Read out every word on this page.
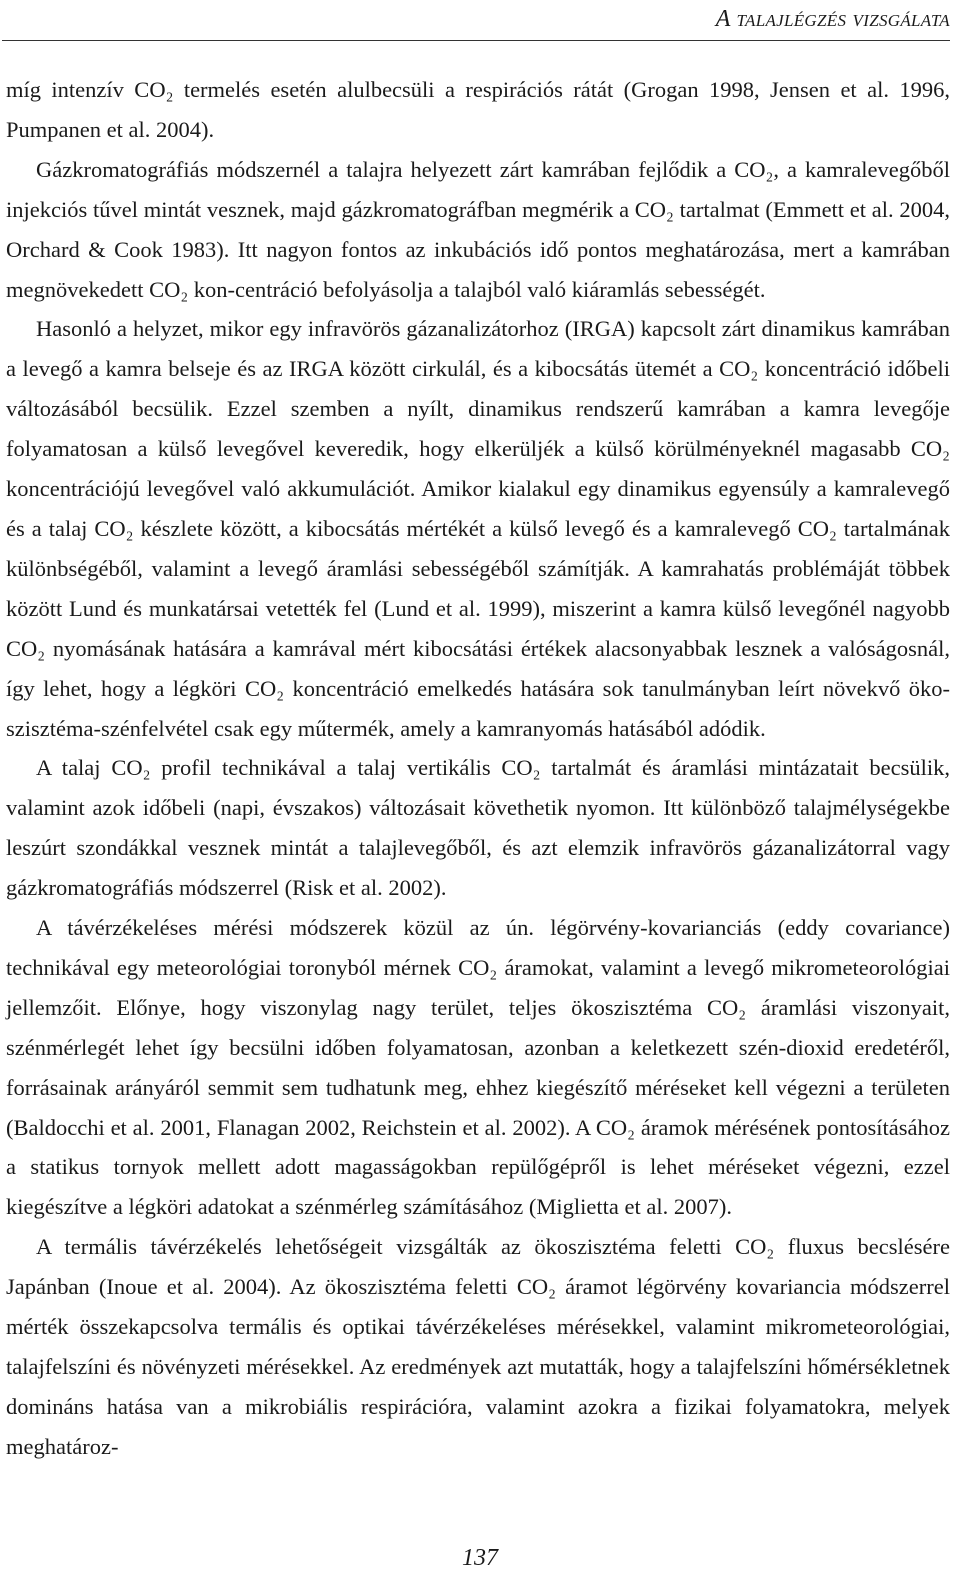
A talajlégzés vizsgálata

míg intenzív CO₂ termelés esetén alulbecsüli a respirációs rátát (Grogan 1998, Jensen et al. 1996, Pumpanen et al. 2004).

Gázkromatográfiás módszernél a talajra helyezett zárt kamrában fejlődik a CO₂, a kamralevegőből injekciós tűvel mintát vesznek, majd gázkromatográfban megmérik a CO₂ tartalmat (Emmett et al. 2004, Orchard & Cook 1983). Itt nagyon fontos az inkubációs idő pontos meghatározása, mert a kamrában megnövekedett CO₂ kon-centráció befolyásolja a talajból való kiáramlás sebességét.

Hasonló a helyzet, mikor egy infravörös gázanalizátorhoz (IRGA) kapcsolt zárt dinamikus kamrában a levegő a kamra belseje és az IRGA között cirkulál, és a kibocsátás ütemét a CO₂ koncentráció időbeli változásából becsülik. Ezzel szemben a nyílt, dinamikus rendszerű kamrában a kamra levegője folyamatosan a külső levegővel keveredik, hogy elkerüljék a külső körülményeknél magasabb CO₂ koncentrációjú levegővel való akkumulációt. Amikor kialakul egy dinamikus egyensúly a kamralevegő és a talaj CO₂ készlete között, a kibocsátás mértékét a külső levegő és a kamralevegő CO₂ tartalmának különbségéből, valamint a levegő áramlási sebességéből számítják. A kamrahatás problémáját többek között Lund és munkatársai vetették fel (Lund et al. 1999), miszerint a kamra külső levegőnél nagyobb CO₂ nyomásának hatására a kamrával mért kibocsátási értékek alacsonyabbak lesznek a valóságosnál, így lehet, hogy a légköri CO₂ koncentráció emelkedés hatására sok tanulmányban leírt növekvő ökoszisztéma-szénfelvétel csak egy műtermék, amely a kamranyomás hatásából adódik.

A talaj CO₂ profil technikával a talaj vertikális CO₂ tartalmát és áramlási mintázatait becsülik, valamint azok időbeli (napi, évszakos) változásait követhetik nyomon. Itt különböző talajmélységekbe leszúrt szondákkal vesznek mintát a talajlevegőből, és azt elemzik infravörös gázanalizátorral vagy gázkromatográfiás módszerrel (Risk et al. 2002).

A távérzékeléses mérési módszerek közül az ún. légörvény-kovarianciás (eddy covariance) technikával egy meteorológiai toronyból mérnek CO₂ áramokat, valamint a levegő mikrometeorológiai jellemzőit. Előnye, hogy viszonylag nagy terület, teljes ökoszisztéma CO₂ áramlási viszonyait, szénmérlegét lehet így becsülni időben folyamatosan, azonban a keletkezett szén-dioxid eredetéről, forrásainak arányáról semmit sem tudhatunk meg, ehhez kiegészítő méréseket kell végezni a területen (Baldocchi et al. 2001, Flanagan 2002, Reichstein et al. 2002). A CO₂ áramok mérésének pontosításához a statikus tornyok mellett adott magasságokban repülőgépről is lehet méréseket végezni, ezzel kiegészítve a légköri adatokat a szénmérleg számításához (Miglietta et al. 2007).

A termális távérzékelés lehetőségeit vizsgálták az ökoszisztéma feletti CO₂ fluxus becslésére Japánban (Inoue et al. 2004). Az ökoszisztéma feletti CO₂ áramot légörvény kovariancia módszerrel mérték összekapcsolva termális és optikai távérzékeléses mérésekkel, valamint mikrometeorológiai, talajfelszíni és növényzeti mérésekkel. Az eredmények azt mutatták, hogy a talajfelszíni hőmérsékletnek domináns hatása van a mikrobiális respirációra, valamint azokra a fizikai folyamatokra, melyek meghatároz-

137
